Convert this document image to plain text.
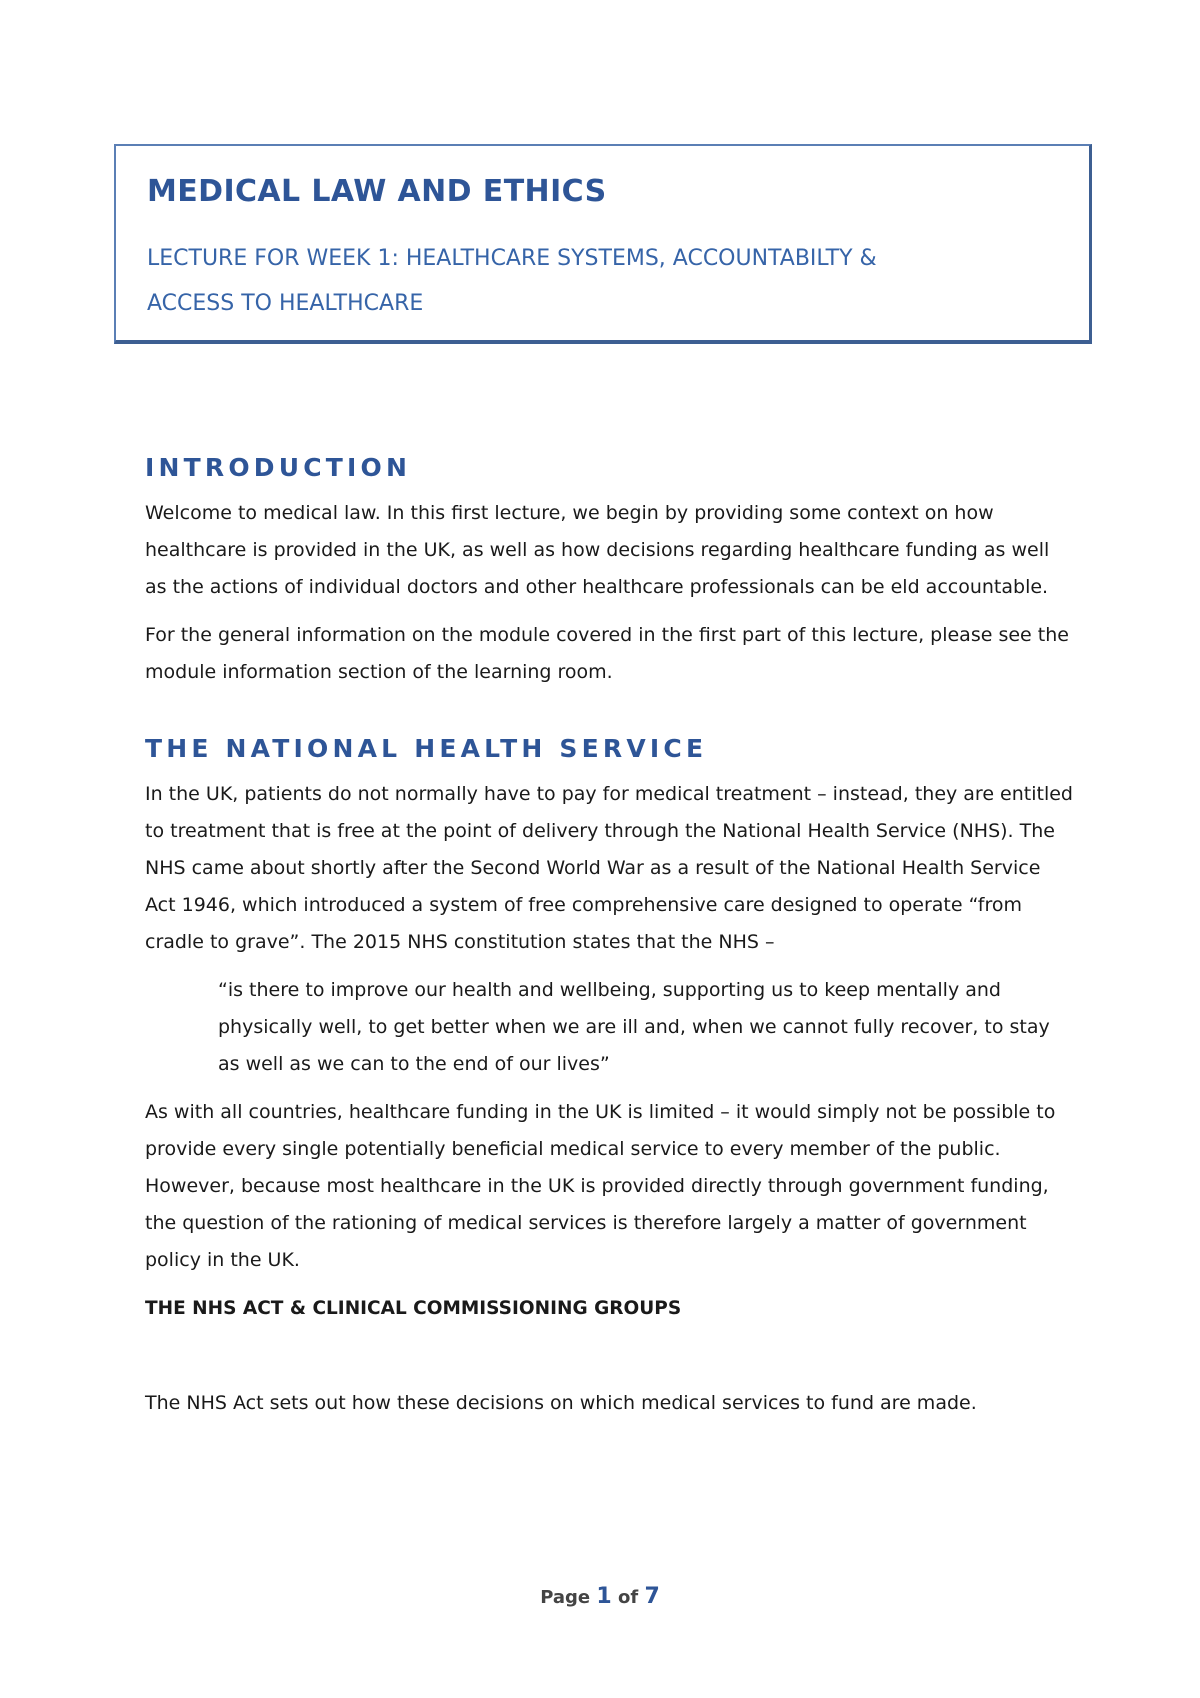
MEDICAL LAW AND ETHICS

LECTURE FOR WEEK 1: HEALTHCARE SYSTEMS, ACCOUNTABILTY &
ACCESS TO HEALTHCARE

INTRODUCTION

Welcome to medical law. In this first lecture, we begin by providing some context on how healthcare is provided in the UK, as well as how decisions regarding healthcare funding as well as the actions of individual doctors and other healthcare professionals can be eld accountable.

For the general information on the module covered in the first part of this lecture, please see the module information section of the learning room.

THE NATIONAL HEALTH SERVICE

In the UK, patients do not normally have to pay for medical treatment – instead, they are entitled to treatment that is free at the point of delivery through the National Health Service (NHS). The NHS came about shortly after the Second World War as a result of the National Health Service Act 1946, which introduced a system of free comprehensive care designed to operate “from cradle to grave”. The 2015 NHS constitution states that the NHS –

“is there to improve our health and wellbeing, supporting us to keep mentally and physically well, to get better when we are ill and, when we cannot fully recover, to stay as well as we can to the end of our lives”

As with all countries, healthcare funding in the UK is limited – it would simply not be possible to provide every single potentially beneficial medical service to every member of the public. However, because most healthcare in the UK is provided directly through government funding, the question of the rationing of medical services is therefore largely a matter of government policy in the UK.

THE NHS ACT & CLINICAL COMMISSIONING GROUPS

The NHS Act sets out how these decisions on which medical services to fund are made.

Page 1 of 7
